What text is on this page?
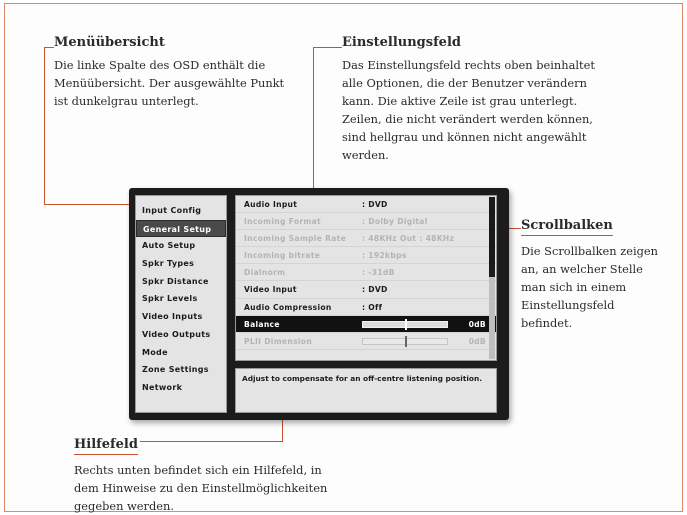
Menüübersicht

Die linke Spalte des OSD enthält die Menüübersicht. Der ausgewählte Punkt ist dunkelgrau unterlegt.

Einstellungsfeld

Das Einstellungsfeld rechts oben beinhaltet alle Optionen, die der Benutzer verändern kann. Die aktive Zeile ist grau unterlegt. Zeilen, die nicht verändert werden können, sind hellgrau und können nicht angewählt werden.

Scrollbalken

Die Scrollbalken zeigen an, an welcher Stelle man sich in einem Einstellungsfeld befindet.

Hilfefeld

Rechts unten befindet sich ein Hilfefeld, in dem Hinweise zu den Einstellmöglichkeiten gegeben werden.

Input Config
General Setup
Auto Setup
Spkr Types
Spkr Distance
Spkr Levels
Video Inputs
Video Outputs
Mode
Zone Settings
Network
Audio Input	: DVD
Incoming Format	: Dolby Digital
Incoming Sample Rate : 48KHz Out : 48KHz
Incoming bitrate	: 192kbps
Dialnorm	: -31dB
Video Input	: DVD
Audio Compression	: Off
Balance	0dB
PLII Dimension	0dB
Adjust to compensate for an off-centre listening position.
